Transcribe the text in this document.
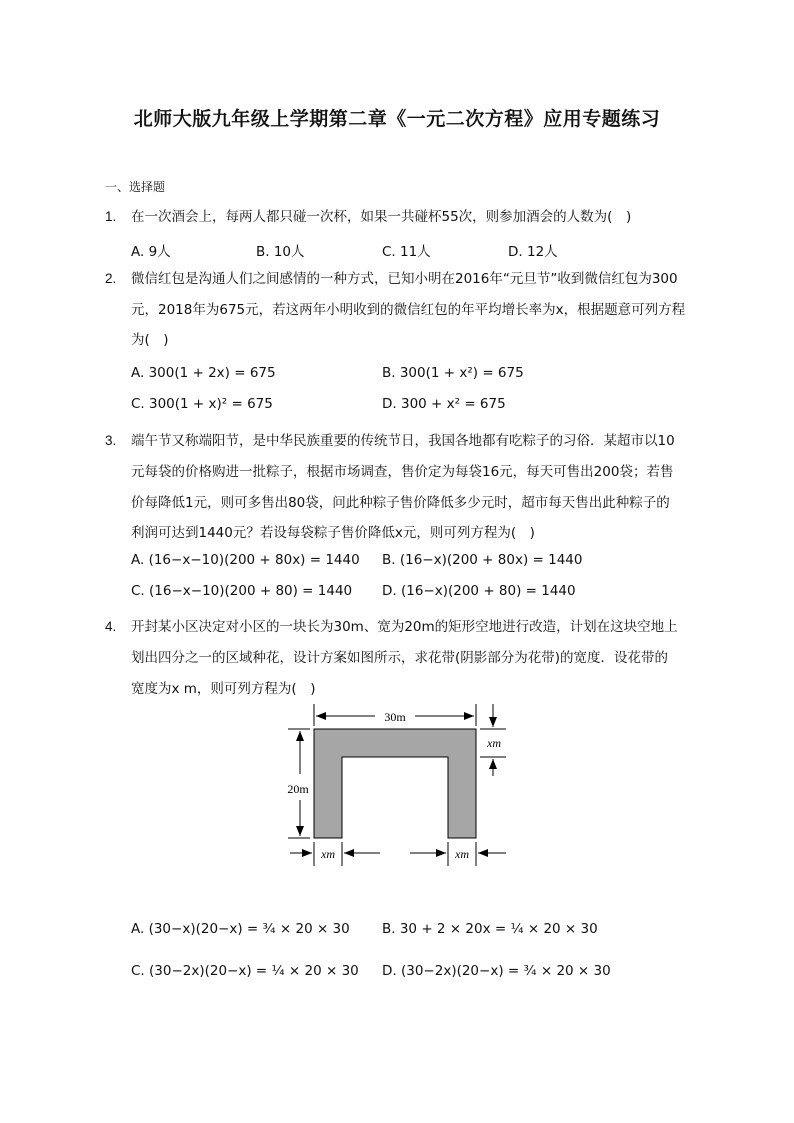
北师大版九年级上学期第二章《一元二次方程》应用专题练习
一、选择题
1. 在一次酒会上，每两人都只碰一次杯，如果一共碰杯55次，则参加酒会的人数为(　)
A. 9人	B. 10人	C. 11人	D. 12人
2. 微信红包是沟通人们之间感情的一种方式，已知小明在2016年“元旦节”收到微信红包为300
元，2018年为675元，若这两年小明收到的微信红包的年平均增长率为x，根据题意可列方程
为(　)
A. 300(1 + 2x) = 675	B. 300(1 + x²) = 675
C. 300(1 + x)² = 675	D. 300 + x² = 675
3. 端午节又称端阳节，是中华民族重要的传统节日，我国各地都有吃粽子的习俗．某超市以10
元每袋的价格购进一批粽子，根据市场调查，售价定为每袋16元，每天可售出200袋；若售
价每降低1元，则可多售出80袋，问此种粽子售价降低多少元时，超市每天售出此种粽子的
利润可达到1440元？若设每袋粽子售价降低x元，则可列方程为(　)
A. (16−x−10)(200 + 80x) = 1440 B. (16−x)(200 + 80x) = 1440
C. (16−x−10)(200 + 80) = 1440 D. (16−x)(200 + 80) = 1440
4. 开封某小区决定对小区的一块长为30m、宽为20m的矩形空地进行改造，计划在这块空地上
划出四分之一的区域种花，设计方案如图所示，求花带(阴影部分为花带)的宽度．设花带的
宽度为x m，则可列方程为(　)
30m
20m
xm
xm	xm
A. (30−x)(20−x) = ¾ × 20 × 30 B. 30 + 2 × 20x = ¼ × 20 × 30
C. (30−2x)(20−x) = ¼ × 20 × 30 D. (30−2x)(20−x) = ¾ × 20 × 30
